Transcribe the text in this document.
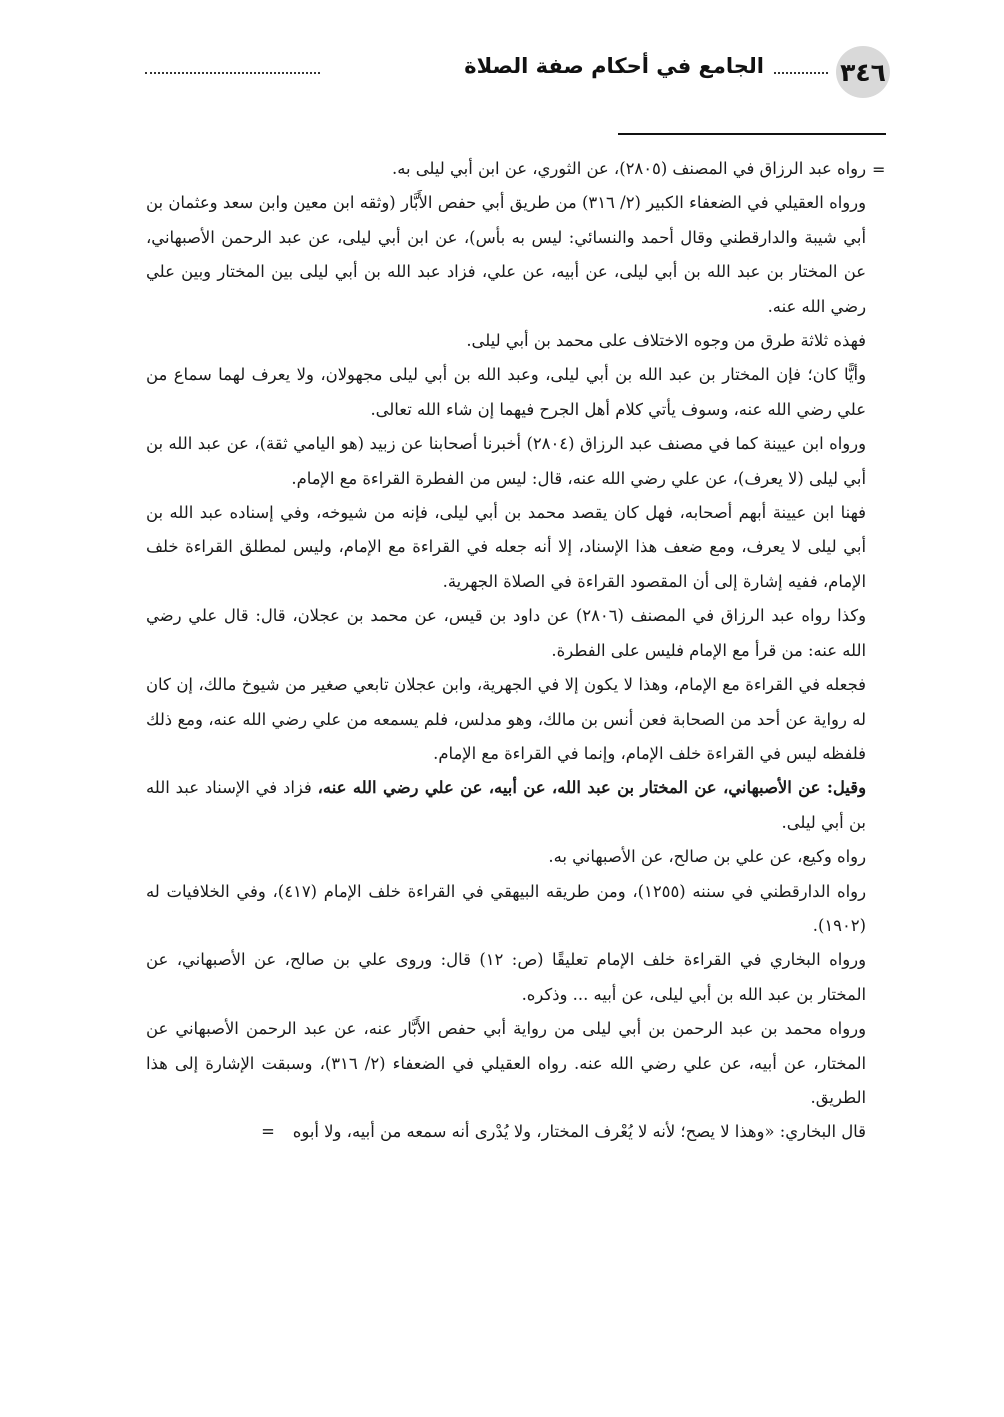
٣٤٦
الجامع في أحكام صفة الصلاة
=

رواه عبد الرزاق في المصنف (٢٨٠٥)، عن الثوري، عن ابن أبي ليلى به.

ورواه العقيلي في الضعفاء الكبير (٢/ ٣١٦) من طريق أبي حفص الأَبَّار (وثقه ابن معين وابن سعد وعثمان بن أبي شيبة والدارقطني وقال أحمد والنسائي: ليس به بأس)، عن ابن أبي ليلى، عن عبد الرحمن الأصبهاني، عن المختار بن عبد الله بن أبي ليلى، عن أبيه، عن علي، فزاد عبد الله بن أبي ليلى بين المختار وبين علي رضي الله عنه.

فهذه ثلاثة طرق من وجوه الاختلاف على محمد بن أبي ليلى.

وأيًّا كان؛ فإن المختار بن عبد الله بن أبي ليلى، وعبد الله بن أبي ليلى مجهولان، ولا يعرف لهما سماع من علي رضي الله عنه، وسوف يأتي كلام أهل الجرح فيهما إن شاء الله تعالى.

ورواه ابن عيينة كما في مصنف عبد الرزاق (٢٨٠٤) أخبرنا أصحابنا عن زبيد (هو اليامي ثقة)، عن عبد الله بن أبي ليلى (لا يعرف)، عن علي رضي الله عنه، قال: ليس من الفطرة القراءة مع الإمام.

فهنا ابن عيينة أبهم أصحابه، فهل كان يقصد محمد بن أبي ليلى، فإنه من شيوخه، وفي إسناده عبد الله بن أبي ليلى لا يعرف، ومع ضعف هذا الإسناد، إلا أنه جعله في القراءة مع الإمام، وليس لمطلق القراءة خلف الإمام، ففيه إشارة إلى أن المقصود القراءة في الصلاة الجهرية.

وكذا رواه عبد الرزاق في المصنف (٢٨٠٦) عن داود بن قيس، عن محمد بن عجلان، قال: قال علي رضي الله عنه: من قرأ مع الإمام فليس على الفطرة.

فجعله في القراءة مع الإمام، وهذا لا يكون إلا في الجهرية، وابن عجلان تابعي صغير من شيوخ مالك، إن كان له رواية عن أحد من الصحابة فعن أنس بن مالك، وهو مدلس، فلم يسمعه من علي رضي الله عنه، ومع ذلك فلفظه ليس في القراءة خلف الإمام، وإنما في القراءة مع الإمام.

وقيل: عن الأصبهاني، عن المختار بن عبد الله، عن أبيه، عن علي رضي الله عنه، فزاد في الإسناد عبد الله بن أبي ليلى.

رواه وكيع، عن علي بن صالح، عن الأصبهاني به.

رواه الدارقطني في سننه (١٢٥٥)، ومن طريقه البيهقي في القراءة خلف الإمام (٤١٧)، وفي الخلافيات له (١٩٠٢).

ورواه البخاري في القراءة خلف الإمام تعليقًا (ص: ١٢) قال: وروى علي بن صالح، عن الأصبهاني، عن المختار بن عبد الله بن أبي ليلى، عن أبيه ... وذكره.

ورواه محمد بن عبد الرحمن بن أبي ليلى من رواية أبي حفص الأَبَّار عنه، عن عبد الرحمن الأصبهاني عن المختار، عن أبيه، عن علي رضي الله عنه. رواه العقيلي في الضعفاء (٢/ ٣١٦)، وسبقت الإشارة إلى هذا الطريق.

قال البخاري: «وهذا لا يصح؛ لأنه لا يُعْرف المختار، ولا يُدْرى أنه سمعه من أبيه، ولا أبوه=
